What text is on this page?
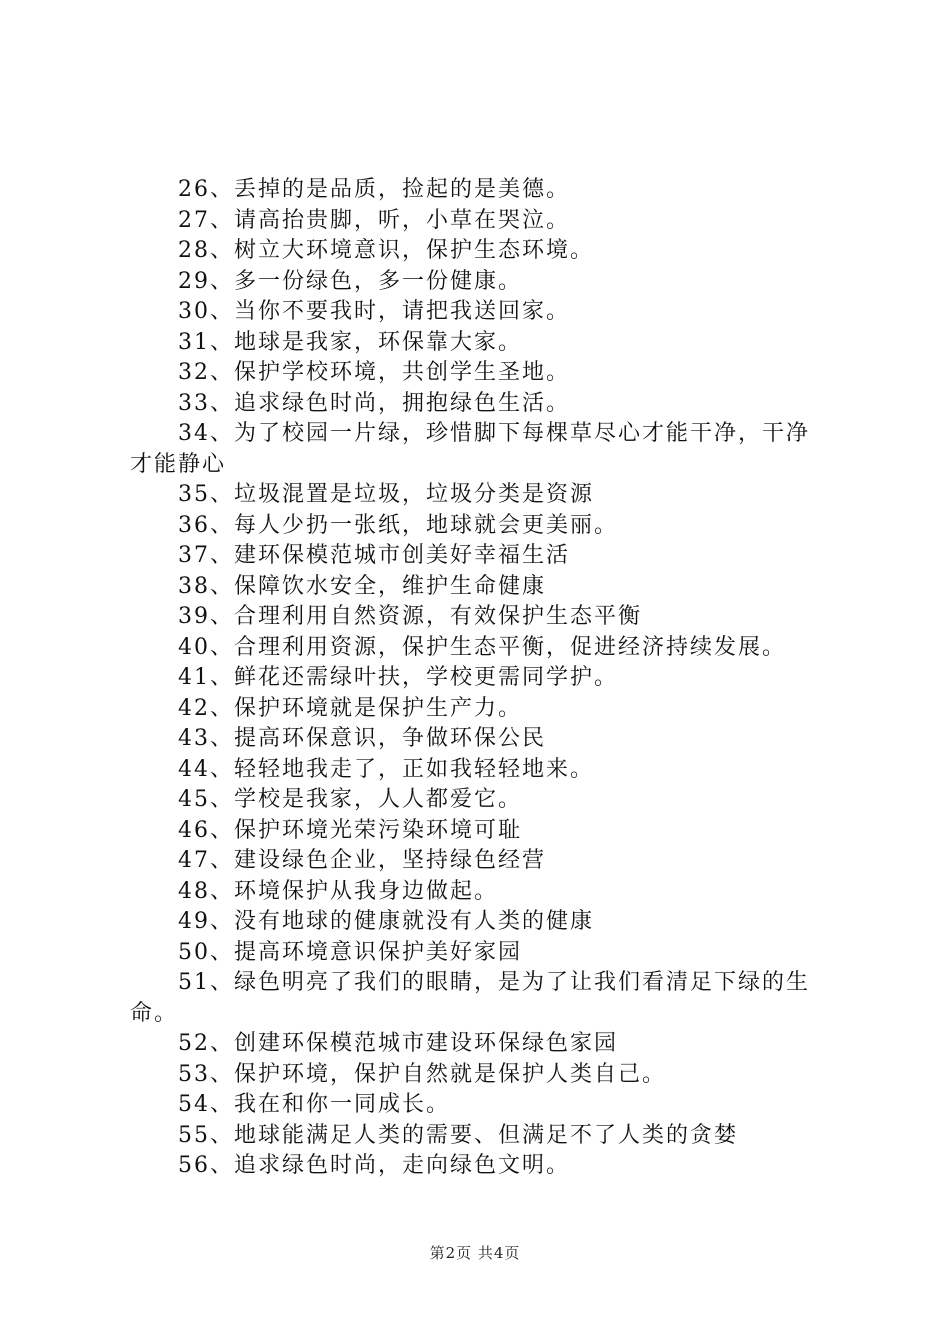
26、丢掉的是品质，捡起的是美德。
27、请高抬贵脚，听，小草在哭泣。
28、树立大环境意识，保护生态环境。
29、多一份绿色，多一份健康。
30、当你不要我时，请把我送回家。
31、地球是我家，环保靠大家。
32、保护学校环境，共创学生圣地。
33、追求绿色时尚，拥抱绿色生活。
34、为了校园一片绿，珍惜脚下每棵草尽心才能干净，干净才能静心
35、垃圾混置是垃圾，垃圾分类是资源
36、每人少扔一张纸，地球就会更美丽。
37、建环保模范城市创美好幸福生活
38、保障饮水安全，维护生命健康
39、合理利用自然资源，有效保护生态平衡
40、合理利用资源，保护生态平衡，促进经济持续发展。
41、鲜花还需绿叶扶，学校更需同学护。
42、保护环境就是保护生产力。
43、提高环保意识，争做环保公民
44、轻轻地我走了，正如我轻轻地来。
45、学校是我家，人人都爱它。
46、保护环境光荣污染环境可耻
47、建设绿色企业，坚持绿色经营
48、环境保护从我身边做起。
49、没有地球的健康就没有人类的健康
50、提高环境意识保护美好家园
51、绿色明亮了我们的眼睛，是为了让我们看清足下绿的生命。
52、创建环保模范城市建设环保绿色家园
53、保护环境，保护自然就是保护人类自己。
54、我在和你一同成长。
55、地球能满足人类的需要、但满足不了人类的贪婪
56、追求绿色时尚，走向绿色文明。
第2页 共4页
